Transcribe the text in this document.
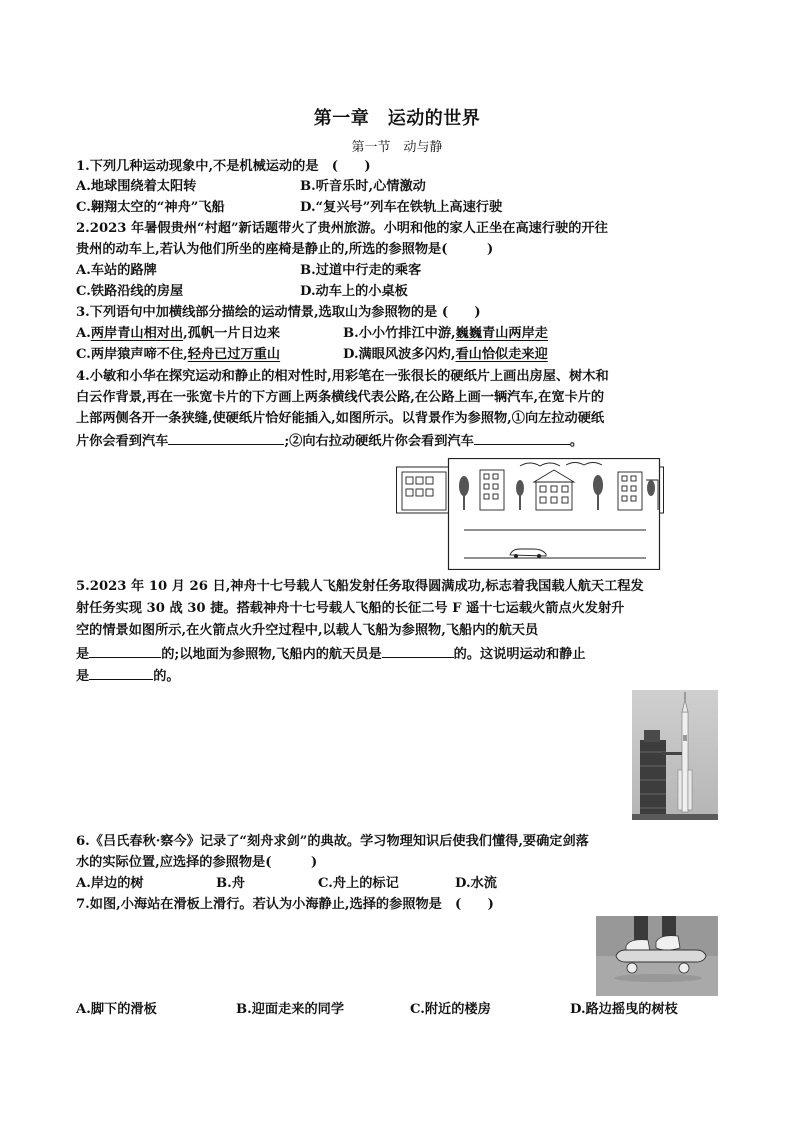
第一章　运动的世界
第一节　动与静
1.下列几种运动现象中,不是机械运动的是　(　　)
A.地球围绕着太阳转	B.听音乐时,心情激动
C.翱翔太空的“神舟”飞船	D.“复兴号”列车在铁轨上高速行驶
2.2023 年暑假贵州“村超”新话题带火了贵州旅游。小明和他的家人正坐在高速行驶的开往
贵州的动车上,若认为他们所坐的座椅是静止的,所选的参照物是(　　　)
A.车站的路牌	B.过道中行走的乘客
C.铁路沿线的房屋	D.动车上的小桌板
3.下列语句中加横线部分描绘的运动情景,选取山为参照物的是 (　　)
A.两岸青山相对出,孤帆一片日边来	B.小小竹排江中游,巍巍青山两岸走
C.两岸猿声啼不住,轻舟已过万重山	D.满眼风波多闪灼,看山恰似走来迎
4.小敏和小华在探究运动和静止的相对性时,用彩笔在一张很长的硬纸片上画出房屋、树木和
白云作背景,再在一张宽卡片的下方画上两条横线代表公路,在公路上画一辆汽车,在宽卡片的
上部两侧各开一条狭缝,使硬纸片恰好能插入,如图所示。以背景作为参照物,①向左拉动硬纸
片你会看到汽车	;②向右拉动硬纸片你会看到汽车	。
5.2023 年 10 月 26 日,神舟十七号载人飞船发射任务取得圆满成功,标志着我国载人航天工程发
射任务实现 30 战 30 捷。搭载神舟十七号载人飞船的长征二号 F 遥十七运载火箭点火发射升
空的情景如图所示,在火箭点火升空过程中,以载人飞船为参照物,飞船内的航天员
是	的;以地面为参照物,飞船内的航天员是	的。这说明运动和静止
是	的。
6.《吕氏春秋·察今》记录了“刻舟求剑”的典故。学习物理知识后使我们懂得,要确定剑落
水的实际位置,应选择的参照物是(　　　)
A.岸边的树	B.舟	C.舟上的标记	D.水流
7.如图,小海站在滑板上滑行。若认为小海静止,选择的参照物是　(　　)
A.脚下的滑板	B.迎面走来的同学	C.附近的楼房	D.路边摇曳的树枝
